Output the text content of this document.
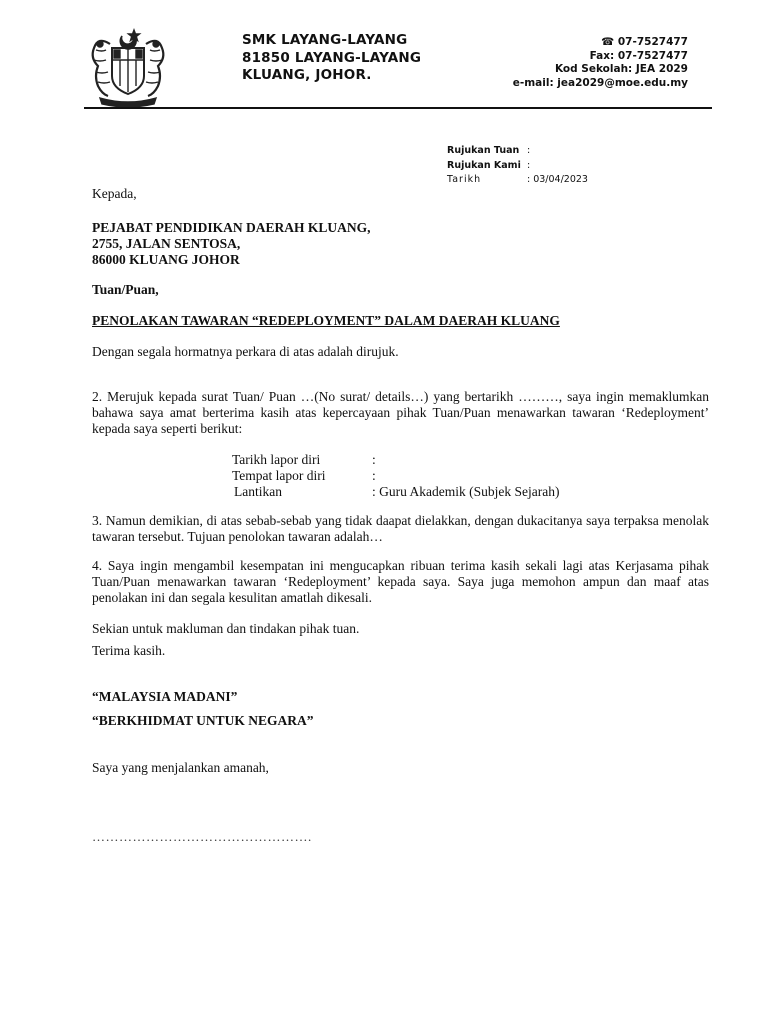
SMK LAYANG-LAYANG
81850 LAYANG-LAYANG
KLUANG, JOHOR.
☎ 07-7527477
Fax: 07-7527477
Kod Sekolah: JEA 2029
e-mail: jea2029@moe.edu.my
Rujukan Tuan :
Rujukan Kami :
Tarikh	: 03/04/2023
Kepada,
PEJABAT PENDIDIKAN DAERAH KLUANG,
2755, JALAN SENTOSA,
86000 KLUANG JOHOR
Tuan/Puan,
PENOLAKAN TAWARAN “REDEPLOYMENT” DALAM DAERAH KLUANG
Dengan segala hormatnya perkara di atas adalah dirujuk.
2. Merujuk kepada surat Tuan/ Puan …(No surat/ details…) yang bertarikh ………, saya ingin memaklumkan bahawa saya amat berterima kasih atas kepercayaan pihak Tuan/Puan menawarkan tawaran ‘Redeployment’ kepada saya seperti berikut:
Tarikh lapor diri	:
Tempat lapor diri	:
Lantikan	: Guru Akademik (Subjek Sejarah)
3. Namun demikian, di atas sebab-sebab yang tidak daapat dielakkan, dengan dukacitanya saya terpaksa menolak tawaran tersebut. Tujuan penolokan tawaran adalah…
4. Saya ingin mengambil kesempatan ini mengucapkan ribuan terima kasih sekali lagi atas Kerjasama pihak Tuan/Puan menawarkan tawaran ‘Redeployment’ kepada saya. Saya juga memohon ampun dan maaf atas penolakan ini dan segala kesulitan amatlah dikesali.
Sekian untuk makluman dan tindakan pihak tuan.
Terima kasih.
“MALAYSIA MADANI”
“BERKHIDMAT UNTUK NEGARA”
Saya yang menjalankan amanah,
………………………………………….
